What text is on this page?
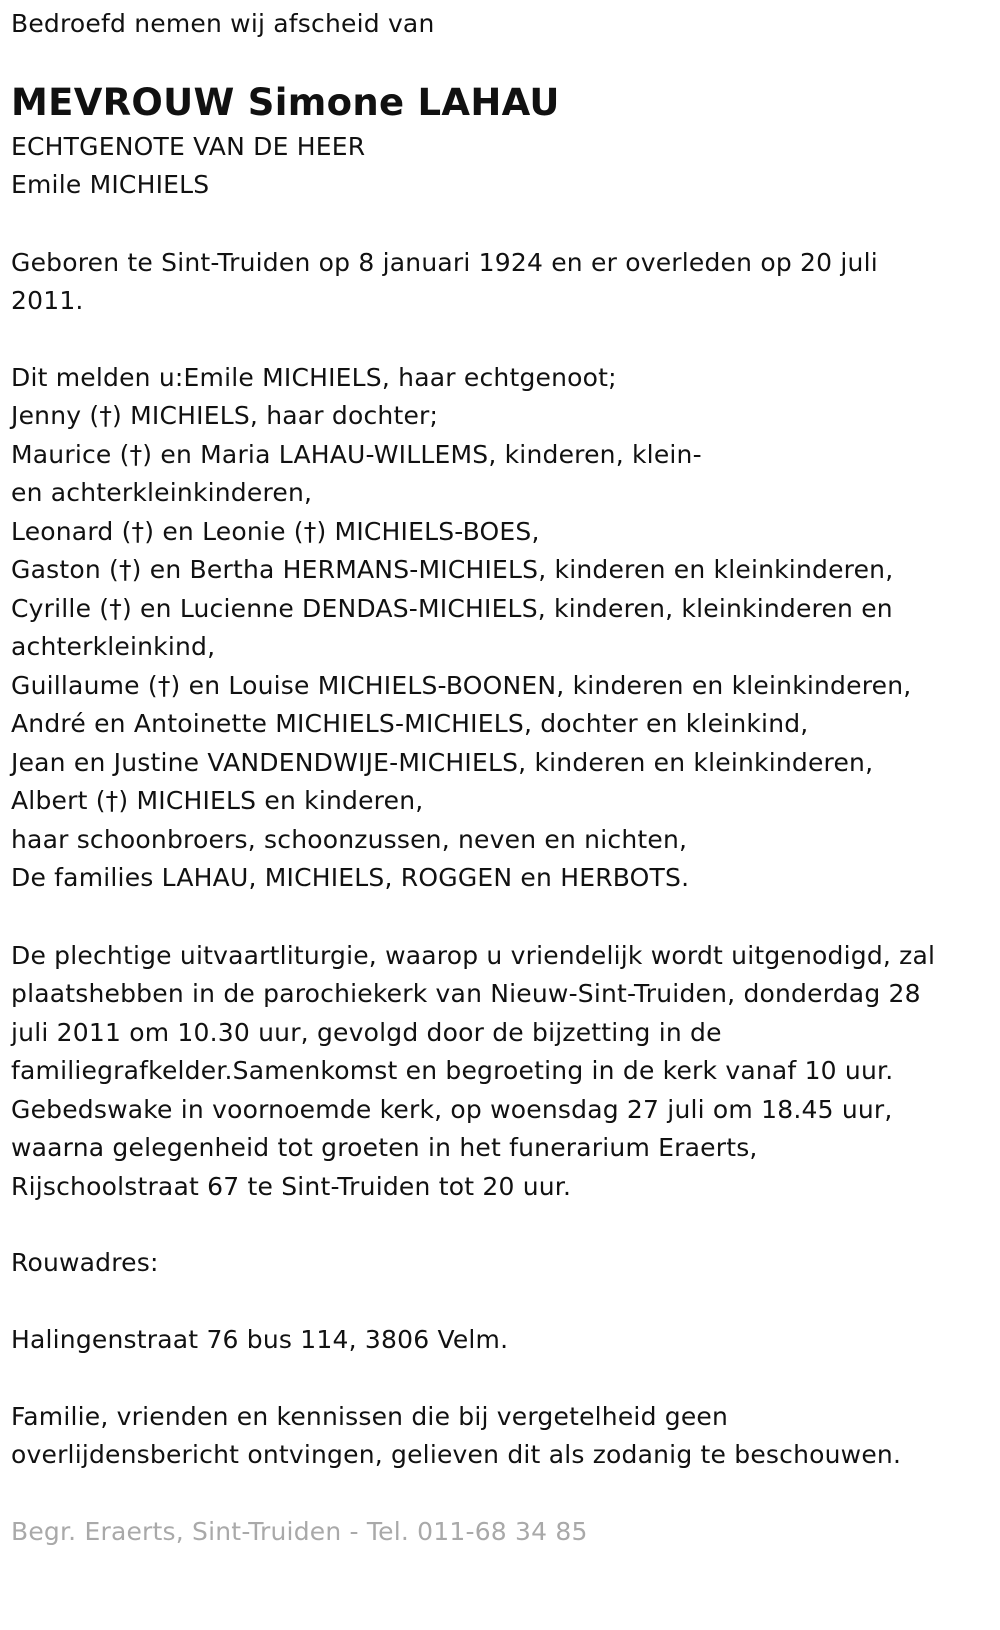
Bedroefd nemen wij afscheid van
MEVROUW Simone LAHAU
ECHTGENOTE VAN DE HEER
Emile MICHIELS
Geboren te Sint-Truiden op 8 januari 1924 en er overleden op 20 juli
2011.
Dit melden u:Emile MICHIELS, haar echtgenoot;
Jenny (†) MICHIELS, haar dochter;
Maurice (†) en Maria LAHAU-WILLEMS, kinderen, klein-
en achterkleinkinderen,
Leonard (†) en Leonie (†) MICHIELS-BOES,
Gaston (†) en Bertha HERMANS-MICHIELS, kinderen en kleinkinderen,
Cyrille (†) en Lucienne DENDAS-MICHIELS, kinderen, kleinkinderen en
achterkleinkind,
Guillaume (†) en Louise MICHIELS-BOONEN, kinderen en kleinkinderen,
André en Antoinette MICHIELS-MICHIELS, dochter en kleinkind,
Jean en Justine VANDENDWIJE-MICHIELS, kinderen en kleinkinderen,
Albert (†) MICHIELS en kinderen,
haar schoonbroers, schoonzussen, neven en nichten,
De families LAHAU, MICHIELS, ROGGEN en HERBOTS.
De plechtige uitvaartliturgie, waarop u vriendelijk wordt uitgenodigd, zal
plaatshebben in de parochiekerk van Nieuw-Sint-Truiden, donderdag 28
juli 2011 om 10.30 uur, gevolgd door de bijzetting in de
familiegrafkelder.Samenkomst en begroeting in de kerk vanaf 10 uur.
Gebedswake in voornoemde kerk, op woensdag 27 juli om 18.45 uur,
waarna gelegenheid tot groeten in het funerarium Eraerts,
Rijschoolstraat 67 te Sint-Truiden tot 20 uur.
Rouwadres:
Halingenstraat 76 bus 114, 3806 Velm.
Familie, vrienden en kennissen die bij vergetelheid geen
overlijdensbericht ontvingen, gelieven dit als zodanig te beschouwen.
Begr. Eraerts, Sint-Truiden - Tel. 011-68 34 85
